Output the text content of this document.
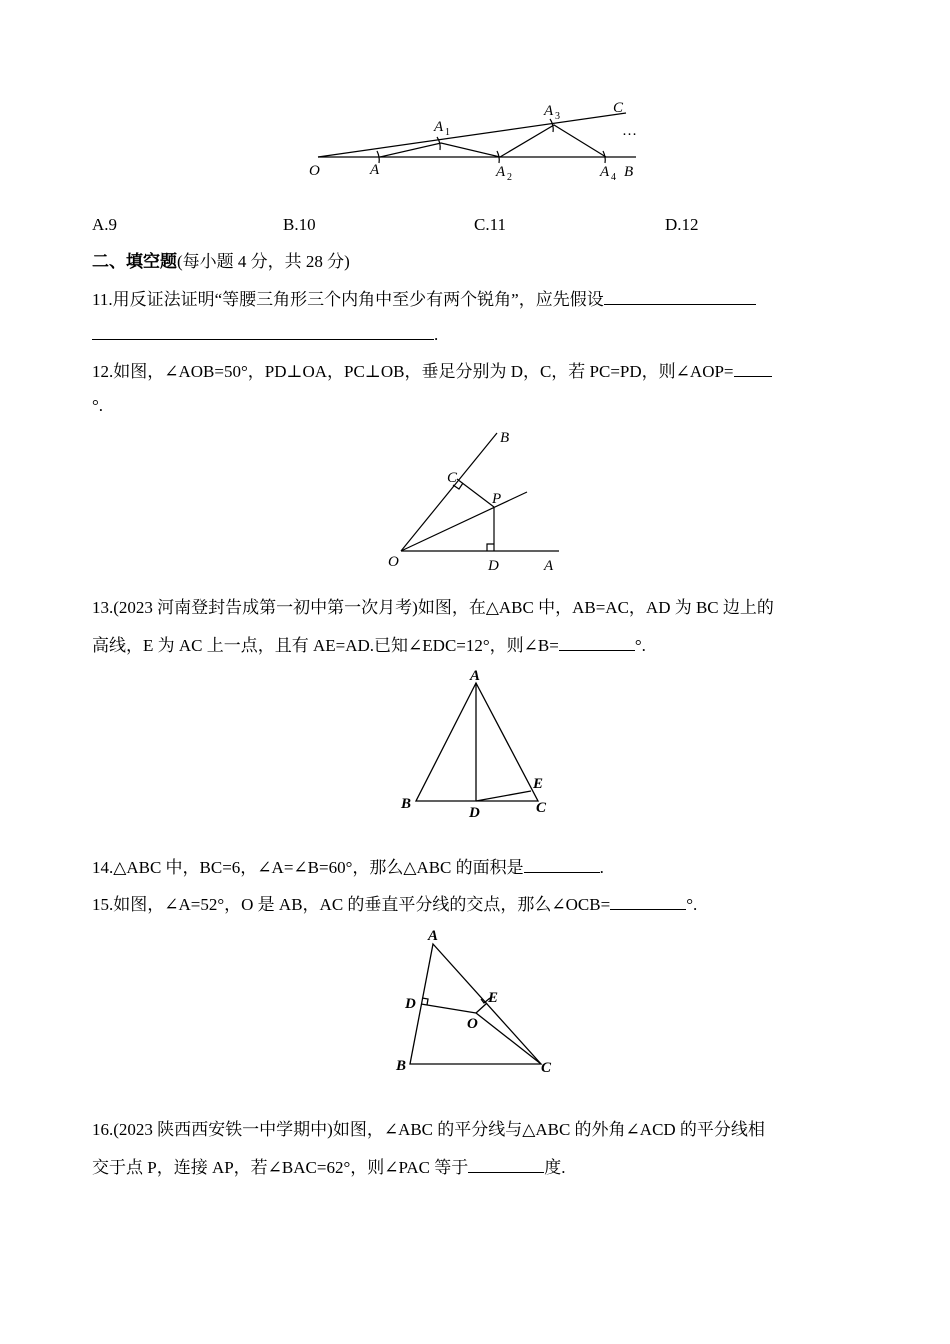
O	A
A 1
A 2
A 3
A 4 B
C
…
A.9	B.10	C.11	D.12
二、填空题(每小题 4 分，共 28 分)
11.用反证法证明“等腰三角形三个内角中至少有两个锐角”，应先假设
.
12.如图，∠AOB=50°，PD⊥OA，PC⊥OB，垂足分别为 D，C，若 PC=PD，则∠AOP=
°.
B
C
P
O	D	A
13.(2023 河南登封告成第一初中第一次月考)如图，在△ABC 中，AB=AC，AD 为 BC 边上的
高线，E 为 AC 上一点，且有 AE=AD.已知∠EDC=12°，则∠B=	°.
A
B
D
E
C
14.△ABC 中，BC=6，∠A=∠B=60°，那么△ABC 的面积是	.
15.如图，∠A=52°，O 是 AB，AC 的垂直平分线的交点，那么∠OCB=	°.
A
D	E
O
B	C
16.(2023 陕西西安铁一中学期中)如图，∠ABC 的平分线与△ABC 的外角∠ACD 的平分线相
交于点 P，连接 AP，若∠BAC=62°，则∠PAC 等于	度.
